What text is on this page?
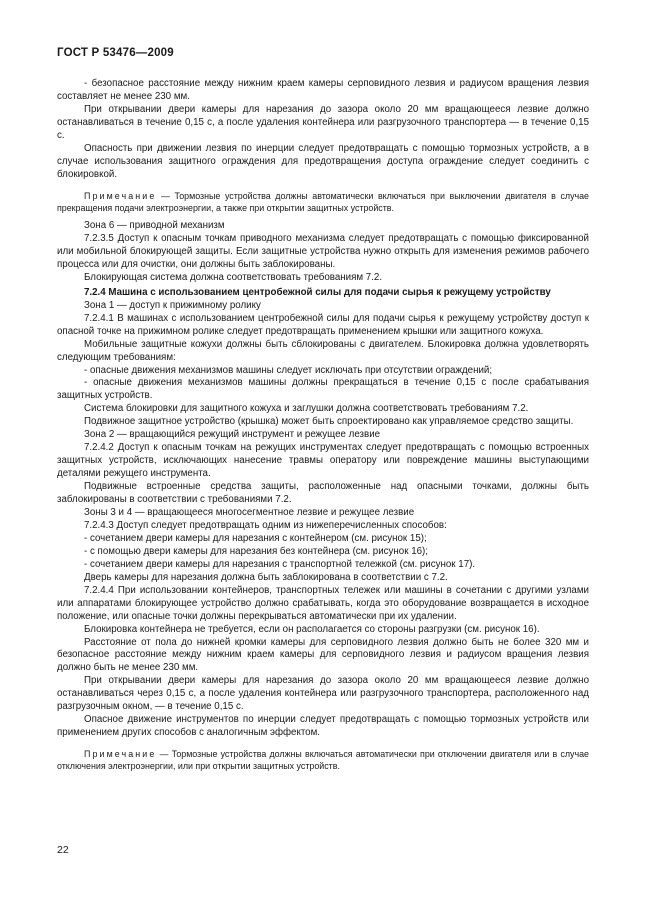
ГОСТ Р 53476—2009

- безопасное расстояние между нижним краем камеры серповидного лезвия и радиусом вращения лезвия составляет не менее 230 мм.

При открывании двери камеры для нарезания до зазора около 20 мм вращающееся лезвие должно останавливаться в течение 0,15 с, а после удаления контейнера или разгрузочного транспортера — в течение 0,15 с.

Опасность при движении лезвия по инерции следует предотвращать с помощью тормозных устройств, а в случае использования защитного ограждения для предотвращения доступа ограждение следует соединить с блокировкой.

Примечание — Тормозные устройства должны автоматически включаться при выключении двигателя в случае прекращения подачи электроэнергии, а также при открытии защитных устройств.

Зона 6 — приводной механизм

7.2.3.5 Доступ к опасным точкам приводного механизма следует предотвращать с помощью фиксированной или мобильной блокирующей защиты. Если защитные устройства нужно открыть для изменения режимов рабочего процесса или для очистки, они должны быть заблокированы.

Блокирующая система должна соответствовать требованиям 7.2.

7.2.4 Машина с использованием центробежной силы для подачи сырья к режущему устройству

Зона 1 — доступ к прижимному ролику

7.2.4.1 В машинах с использованием центробежной силы для подачи сырья к режущему устройству доступ к опасной точке на прижимном ролике следует предотвращать применением крышки или защитного кожуха.

Мобильные защитные кожухи должны быть сблокированы с двигателем. Блокировка должна удовлетворять следующим требованиям:

- опасные движения механизмов машины следует исключать при отсутствии ограждений;

- опасные движения механизмов машины должны прекращаться в течение 0,15 с после срабатывания защитных устройств.

Система блокировки для защитного кожуха и заглушки должна соответствовать требованиям 7.2.

Подвижное защитное устройство (крышка) может быть спроектировано как управляемое средство защиты.

Зона 2 — вращающийся режущий инструмент и режущее лезвие

7.2.4.2 Доступ к опасным точкам на режущих инструментах следует предотвращать с помощью встроенных защитных устройств, исключающих нанесение травмы оператору или повреждение машины выступающими деталями режущего инструмента.

Подвижные встроенные средства защиты, расположенные над опасными точками, должны быть заблокированы в соответствии с требованиями 7.2.

Зоны 3 и 4 — вращающееся многосегментное лезвие и режущее лезвие

7.2.4.3 Доступ следует предотвращать одним из нижеперечисленных способов:

- сочетанием двери камеры для нарезания с контейнером (см. рисунок 15);

- с помощью двери камеры для нарезания без контейнера (см. рисунок 16);

- сочетанием двери камеры для нарезания с транспортной тележкой (см. рисунок 17).

Дверь камеры для нарезания должна быть заблокирована в соответствии с 7.2.

7.2.4.4 При использовании контейнеров, транспортных тележек или машины в сочетании с другими узлами или аппаратами блокирующее устройство должно срабатывать, когда это оборудование возвращается в исходное положение, или опасные точки должны перекрываться автоматически при их удалении.

Блокировка контейнера не требуется, если он располагается со стороны разгрузки (см. рисунок 16).

Расстояние от пола до нижней кромки камеры для серповидного лезвия должно быть не более 320 мм и безопасное расстояние между нижним краем камеры для серповидного лезвия и радиусом вращения лезвия должно быть не менее 230 мм.

При открывании двери камеры для нарезания до зазора около 20 мм вращающееся лезвие должно останавливаться через 0,15 с, а после удаления контейнера или разгрузочного транспортера, расположенного над разгрузочным окном, — в течение 0,15 с.

Опасное движение инструментов по инерции следует предотвращать с помощью тормозных устройств или применением других способов с аналогичным эффектом.

Примечание — Тормозные устройства должны включаться автоматически при отключении двигателя или в случае отключения электроэнергии, или при открытии защитных устройств.

22
